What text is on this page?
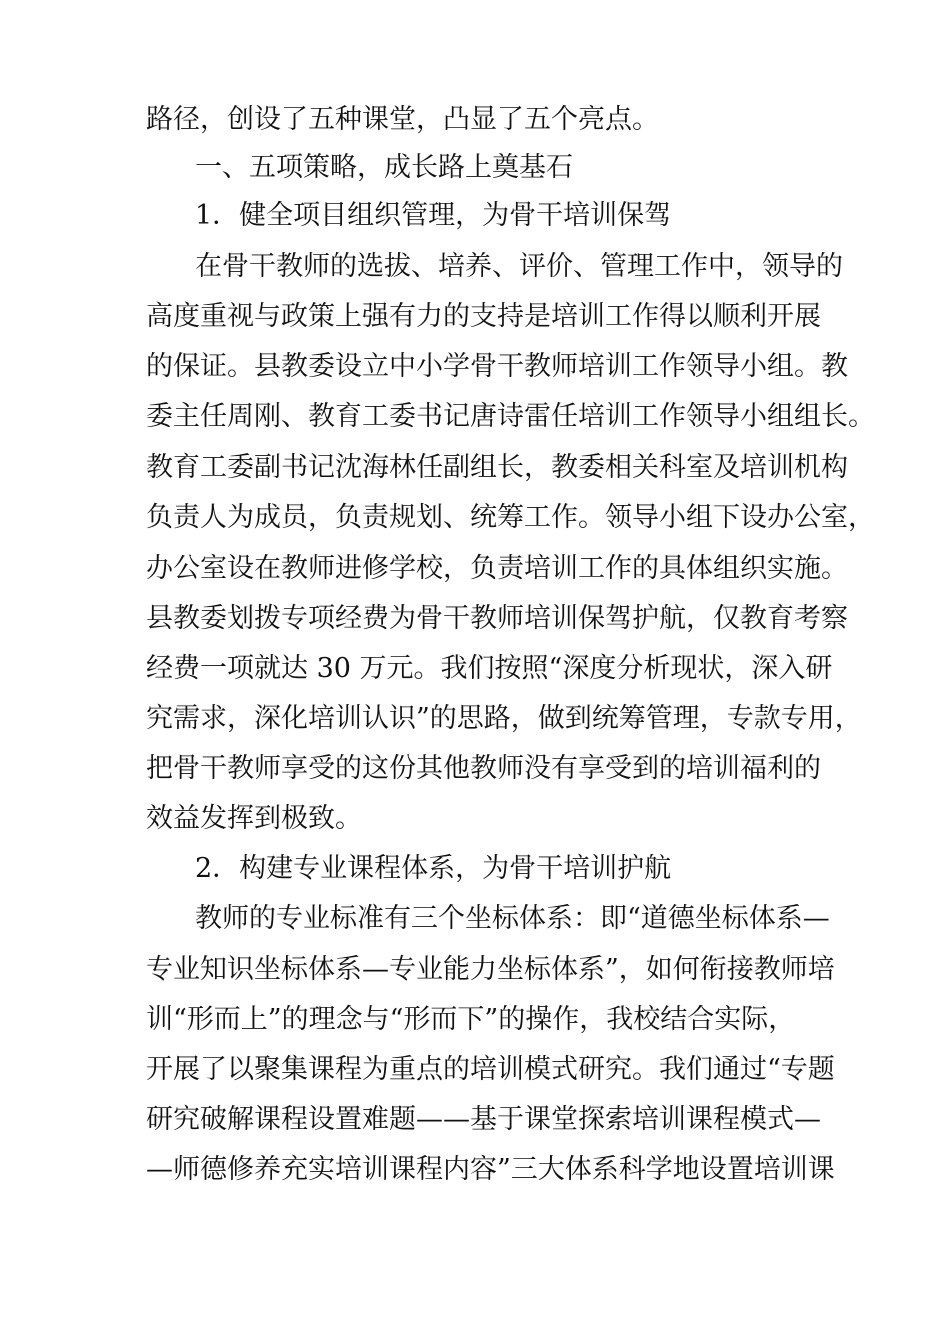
路径，创设了五种课堂，凸显了五个亮点。
一、五项策略，成长路上奠基石
1．健全项目组织管理，为骨干培训保驾
在骨干教师的选拔、培养、评价、管理工作中，领导的
高度重视与政策上强有力的支持是培训工作得以顺利开展
的保证。县教委设立中小学骨干教师培训工作领导小组。教
委主任周刚、教育工委书记唐诗雷任培训工作领导小组组长。
教育工委副书记沈海林任副组长，教委相关科室及培训机构
负责人为成员，负责规划、统筹工作。领导小组下设办公室，
办公室设在教师进修学校，负责培训工作的具体组织实施。
县教委划拨专项经费为骨干教师培训保驾护航，仅教育考察
经费一项就达 30 万元。我们按照“深度分析现状，深入研
究需求，深化培训认识”的思路，做到统筹管理，专款专用，
把骨干教师享受的这份其他教师没有享受到的培训福利的
效益发挥到极致。
2．构建专业课程体系，为骨干培训护航
教师的专业标准有三个坐标体系：即“道德坐标体系—
专业知识坐标体系—专业能力坐标体系”，如何衔接教师培
训“形而上”的理念与“形而下”的操作，我校结合实际，
开展了以聚集课程为重点的培训模式研究。我们通过“专题
研究破解课程设置难题——基于课堂探索培训课程模式—
—师德修养充实培训课程内容”三大体系科学地设置培训课
